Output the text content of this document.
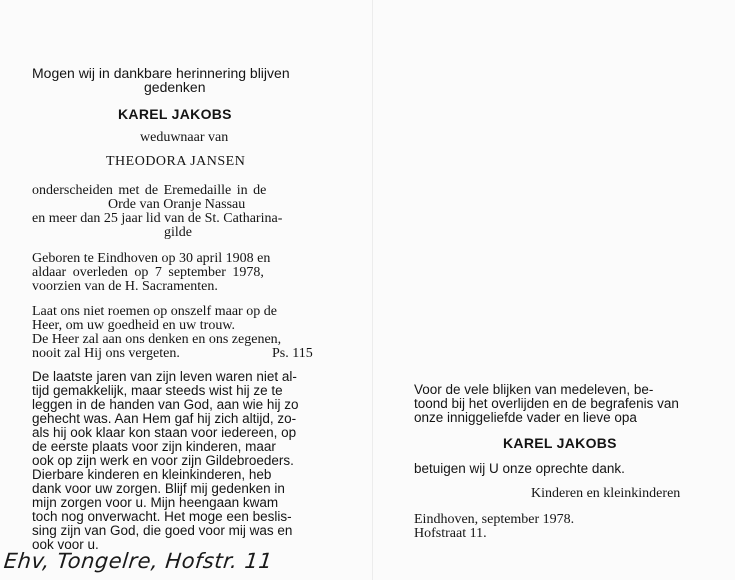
Mogen wij in dankbare herinnering blijven
gedenken
KAREL JAKOBS
weduwnaar van
THEODORA JANSEN
onderscheiden met de Eremedaille in de
Orde van Oranje Nassau
en meer dan 25 jaar lid van de St. Catharina-
gilde
Geboren te Eindhoven op 30 april 1908 en
aldaar overleden op 7 september 1978,
voorzien van de H. Sacramenten.
Laat ons niet roemen op onszelf maar op de
Heer, om uw goedheid en uw trouw.
De Heer zal aan ons denken en ons zegenen,
nooit zal Hij ons vergeten.	Ps. 115
De laatste jaren van zijn leven waren niet al-
tijd gemakkelijk, maar steeds wist hij ze te
leggen in de handen van God, aan wie hij zo
gehecht was. Aan Hem gaf hij zich altijd, zo-
als hij ook klaar kon staan voor iedereen, op
de eerste plaats voor zijn kinderen, maar
ook op zijn werk en voor zijn Gildebroeders.
Dierbare kinderen en kleinkinderen, heb
dank voor uw zorgen. Blijf mij gedenken in
mijn zorgen voor u. Mijn heengaan kwam
toch nog onverwacht. Het moge een beslis-
sing zijn van God, die goed voor mij was en
ook voor u.
Ehv, Tongelre, Hofstr. 11
Voor de vele blijken van medeleven, be-
toond bij het overlijden en de begrafenis van
onze inniggeliefde vader en lieve opa
KAREL JAKOBS
betuigen wij U onze oprechte dank.
Kinderen en kleinkinderen
Eindhoven, september 1978.
Hofstraat 11.
